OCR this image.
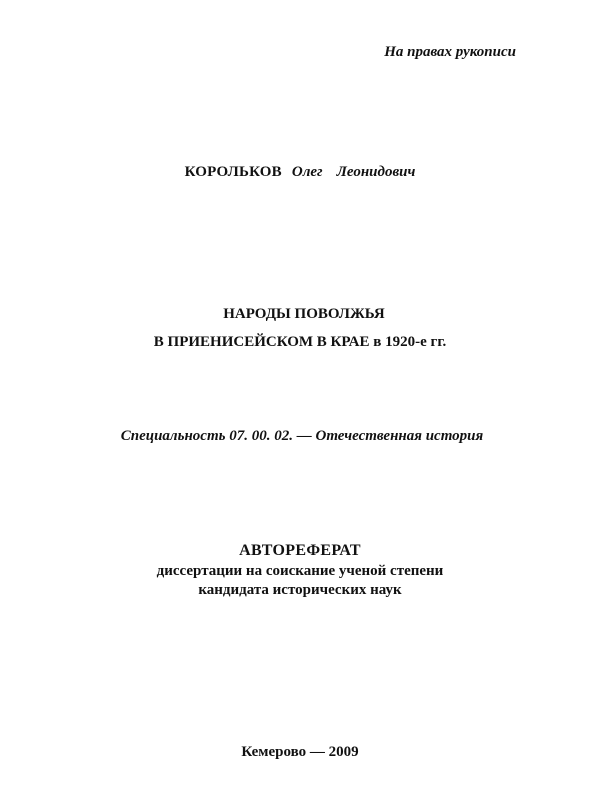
На правах рукописи
КОРОЛЬКОВ Олег Леонидович
НАРОДЫ ПОВОЛЖЬЯ
В ПРИЕНИСЕЙСКОМ В КРАЕ в 1920-е гг.
Специальность 07. 00. 02. — Отечественная история
АВТОРЕФЕРАТ
диссертации на соискание ученой степени
кандидата исторических наук
Кемерово — 2009
